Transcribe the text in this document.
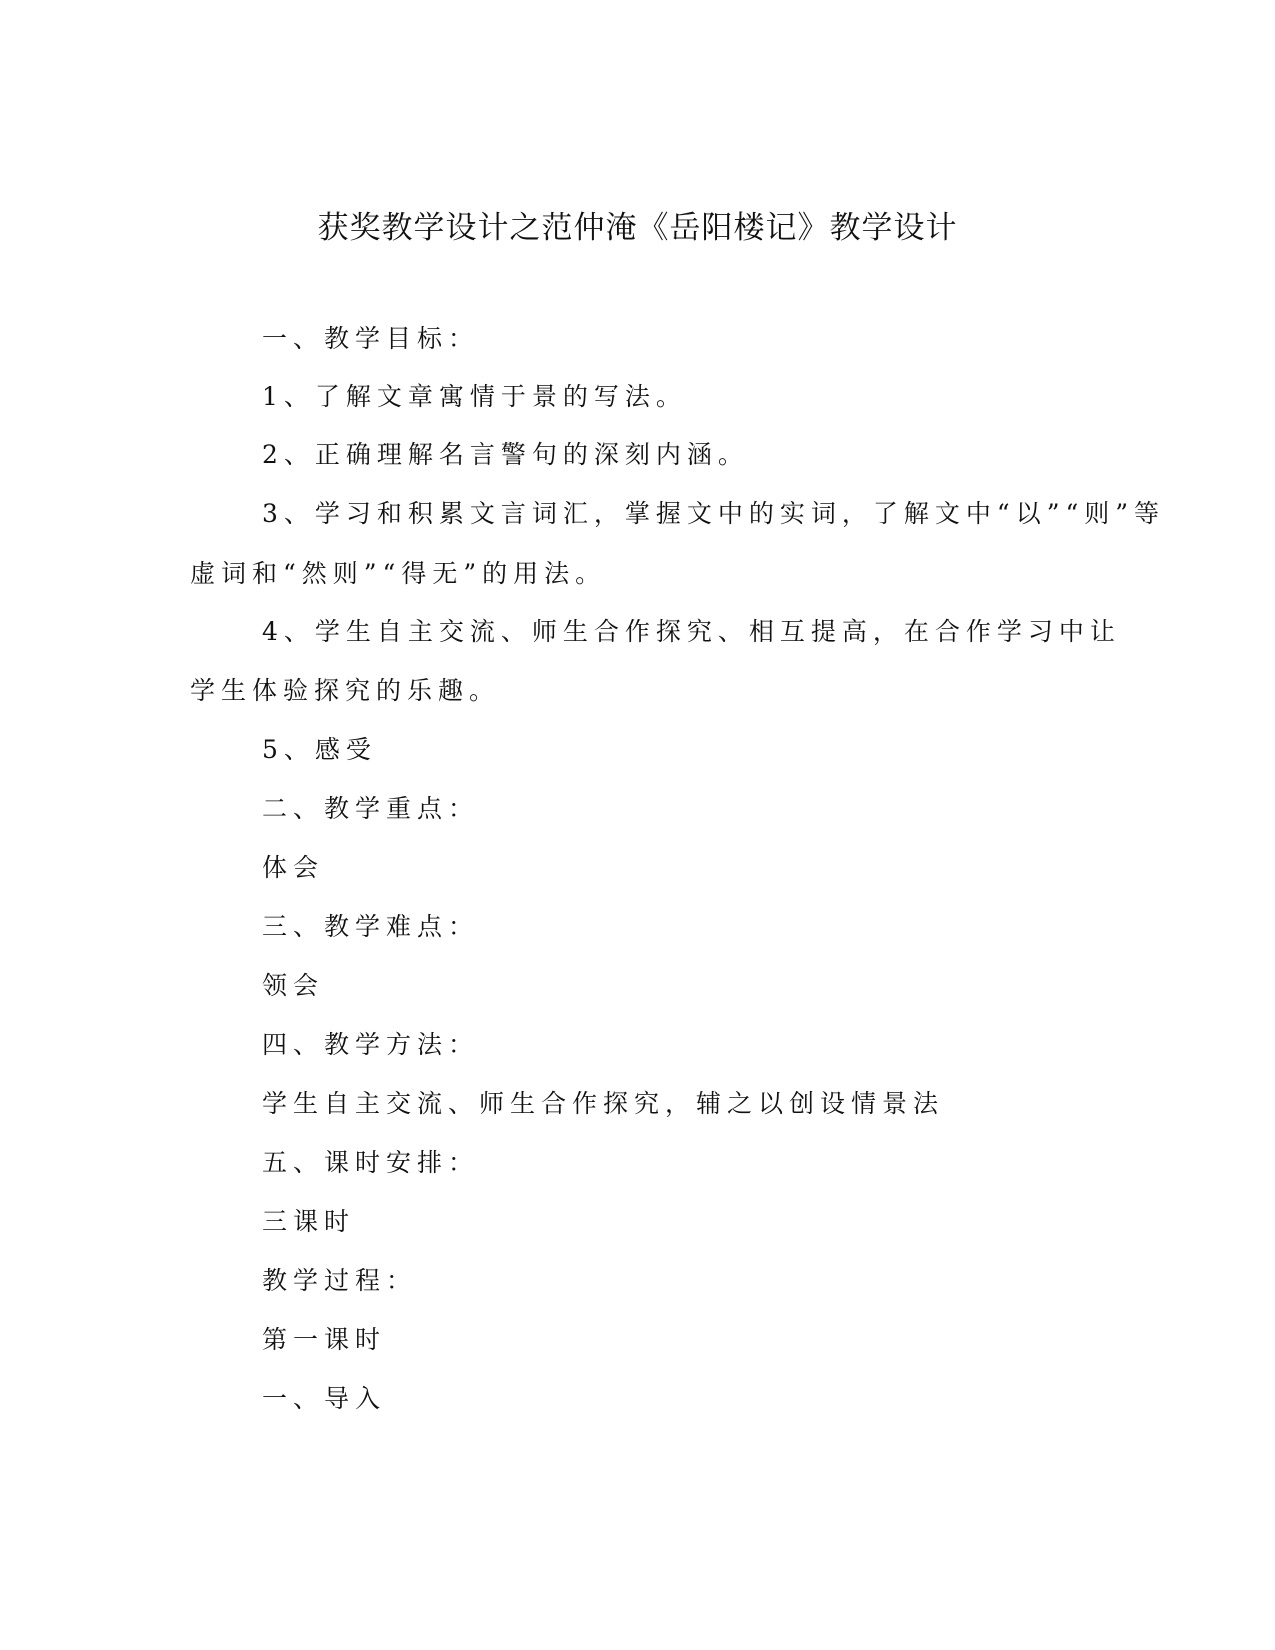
获奖教学设计之范仲淹《岳阳楼记》教学设计

一、教学目标：

1、了解文章寓情于景的写法。

2、正确理解名言警句的深刻内涵。

3、学习和积累文言词汇，掌握文中的实词，了解文中“以”“则”等

虚词和“然则”“得无”的用法。

4、学生自主交流、师生合作探究、相互提高，在合作学习中让

学生体验探究的乐趣。

5、感受

二、教学重点：

体会

三、教学难点：

领会

四、教学方法：

学生自主交流、师生合作探究，辅之以创设情景法

五、课时安排：

三课时

教学过程：

第一课时

一、导入
